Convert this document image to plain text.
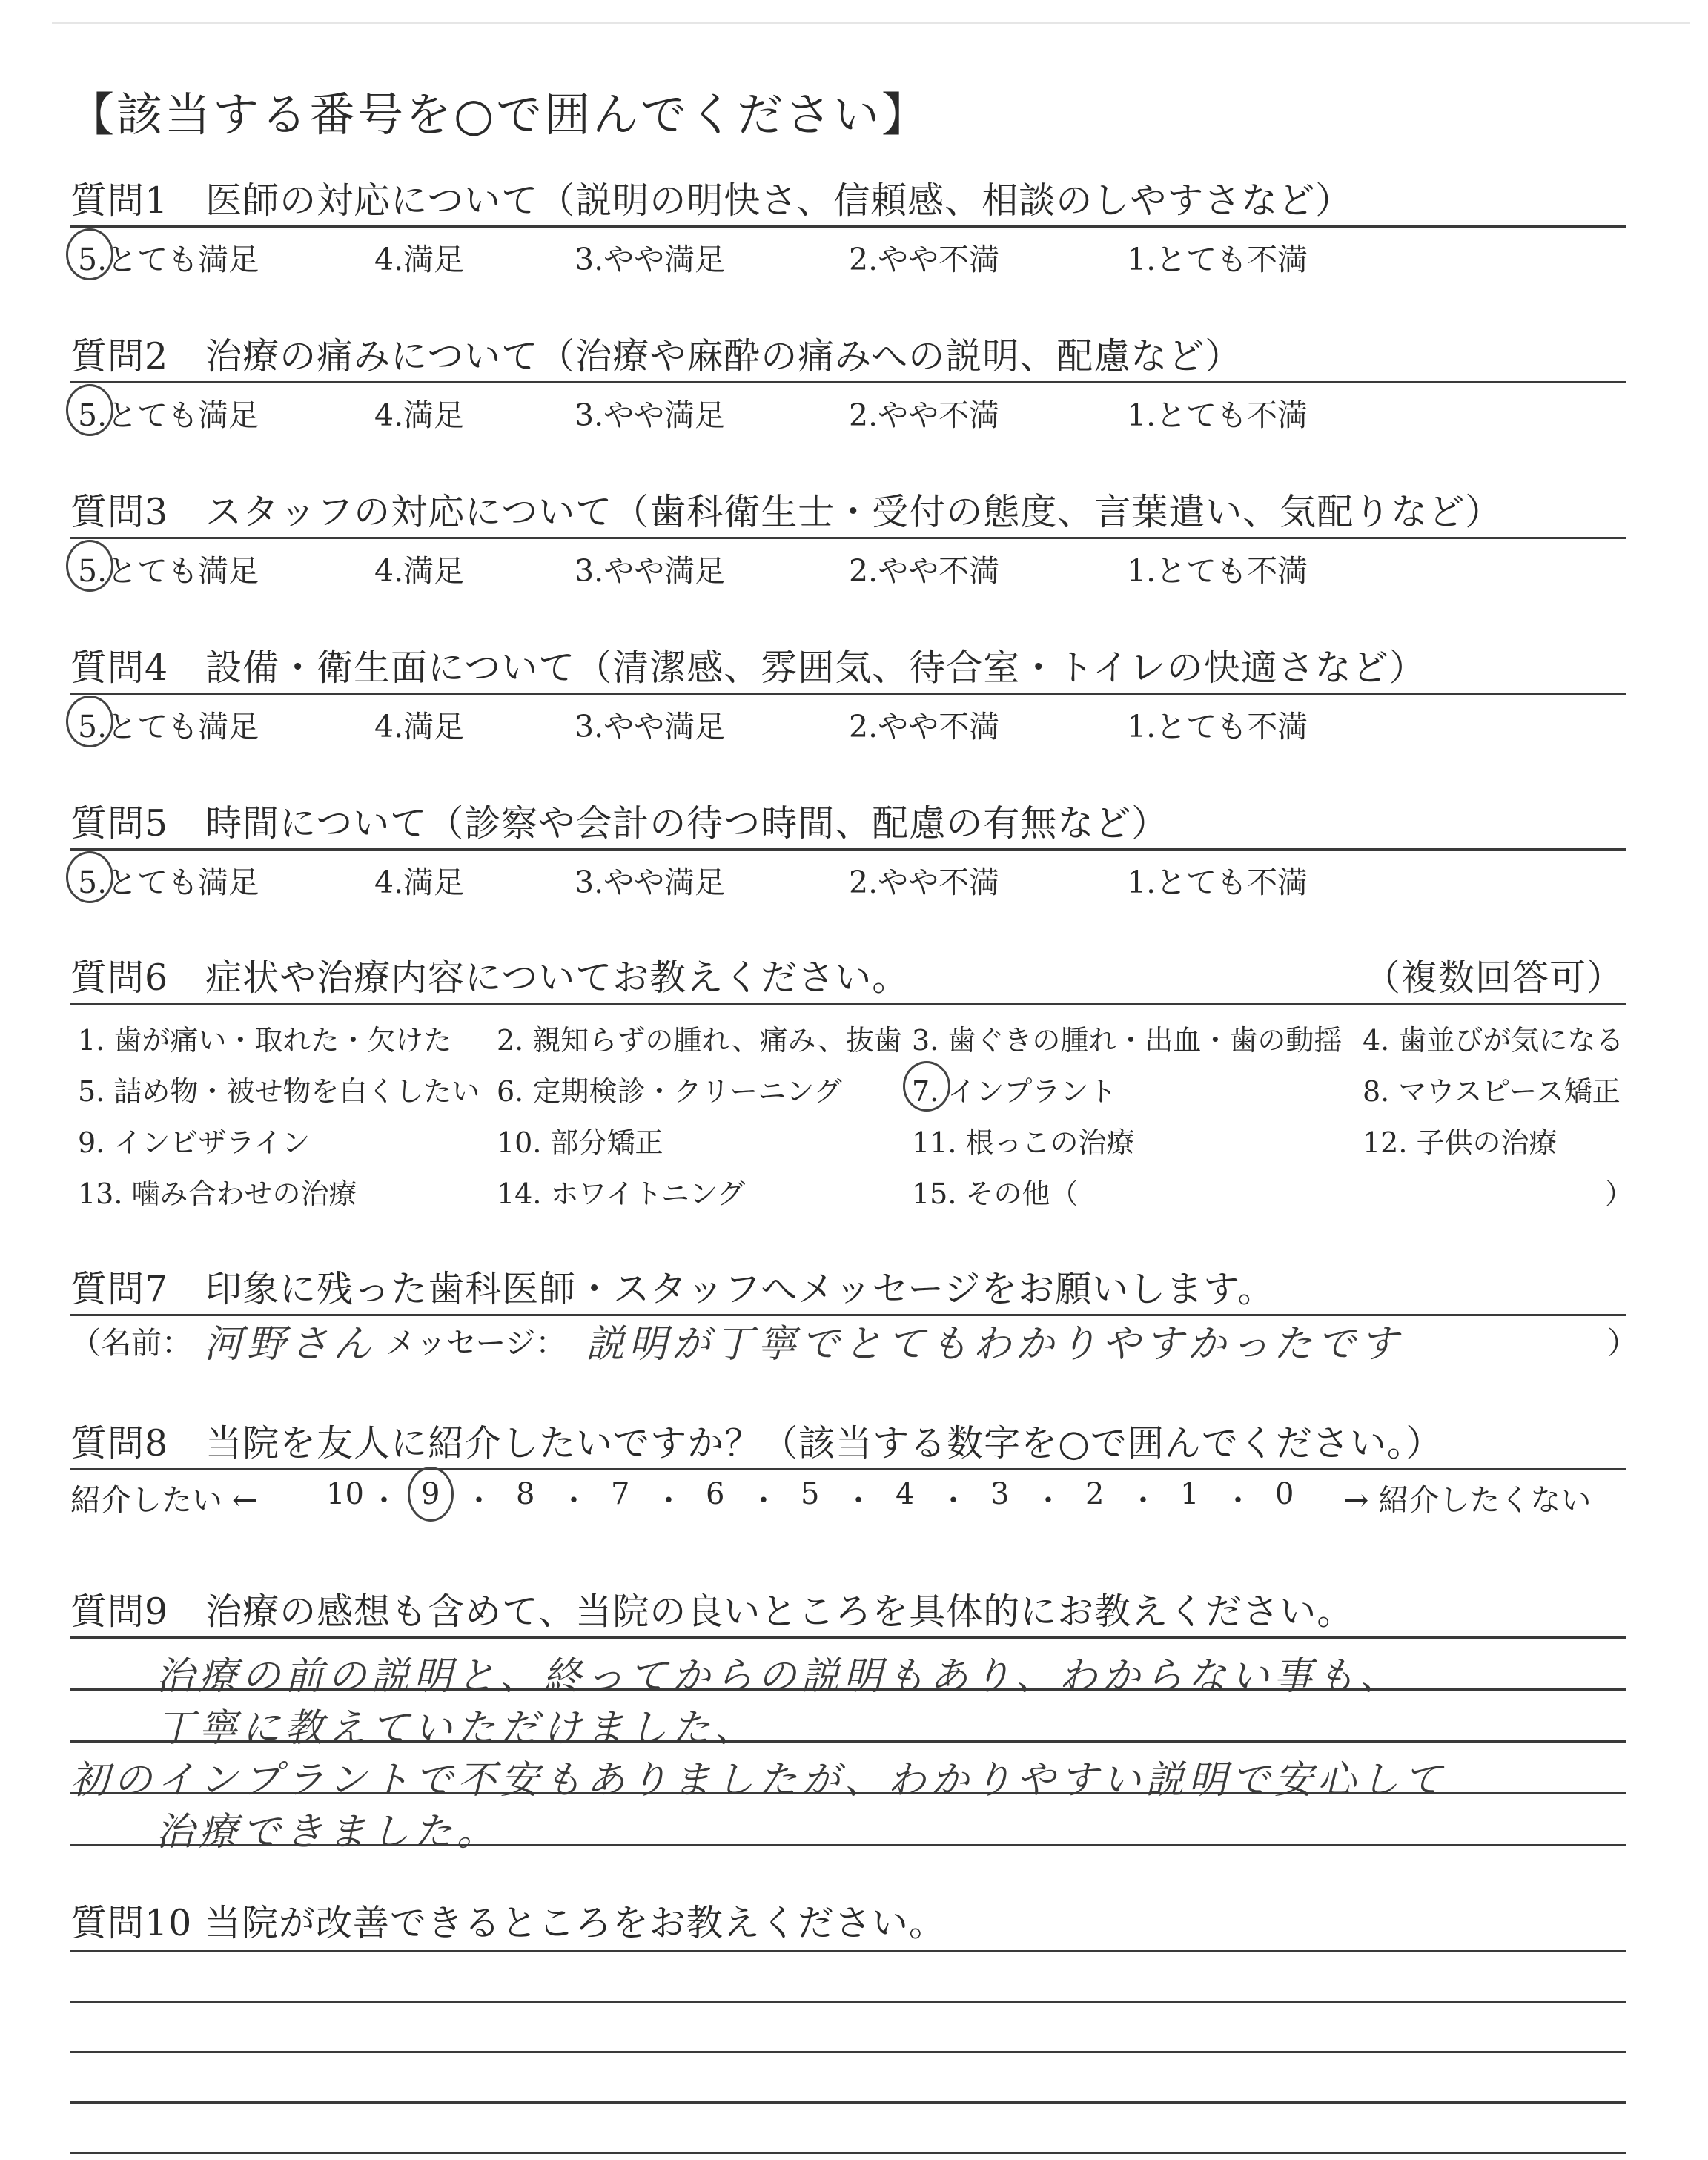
【該当する番号を○で囲んでください】
質問1　医師の対応について（説明の明快さ、信頼感、相談のしやすさなど）
5.とても満足	4.満足	3.やや満足	2.やや不満	1.とても不満
質問2　治療の痛みについて（治療や麻酔の痛みへの説明、配慮など）
5.とても満足	4.満足	3.やや満足	2.やや不満	1.とても不満
質問3　スタッフの対応について（歯科衛生士・受付の態度、言葉遣い、気配りなど）
5.とても満足	4.満足	3.やや満足	2.やや不満	1.とても不満
質問4　設備・衛生面について（清潔感、雰囲気、待合室・トイレの快適さなど）
5.とても満足	4.満足	3.やや満足	2.やや不満	1.とても不満
質問5　時間について（診察や会計の待つ時間、配慮の有無など）
5.とても満足	4.満足	3.やや満足	2.やや不満	1.とても不満
質問6　症状や治療内容についてお教えください。	（複数回答可）
1. 歯が痛い・取れた・欠けた 2. 親知らずの腫れ、痛み、抜歯 3. 歯ぐきの腫れ・出血・歯の動揺 4. 歯並びが気になる
5. 詰め物・被せ物を白くしたい 6. 定期検診・クリーニング 7. インプラント	8. マウスピース矯正
9. インビザライン	10. 部分矯正	11. 根っこの治療	12. 子供の治療
13. 噛み合わせの治療	14. ホワイトニング	15. その他（	）
質問7　印象に残った歯科医師・スタッフへメッセージをお願いします。
（名前： 河野さん メッセージ： 説明が丁寧でとてもわかりやすかったです	）
質問8　当院を友人に紹介したいですか？（該当する数字を○で囲んでください。）
紹介したい ← 10 ・ 9 ・ 8 ・ 7 ・ 6 ・ 5 ・ 4 ・ 3 ・ 2 ・ 1 ・ 0 → 紹介したくない
質問9　治療の感想も含めて、当院の良いところを具体的にお教えください。
治療の前の説明と、終ってからの説明もあり、わからない事も、
丁寧に教えていただけました、
初のインプラントで不安もありましたが、わかりやすい説明で安心して
治療できました。
質問10 当院が改善できるところをお教えください。
